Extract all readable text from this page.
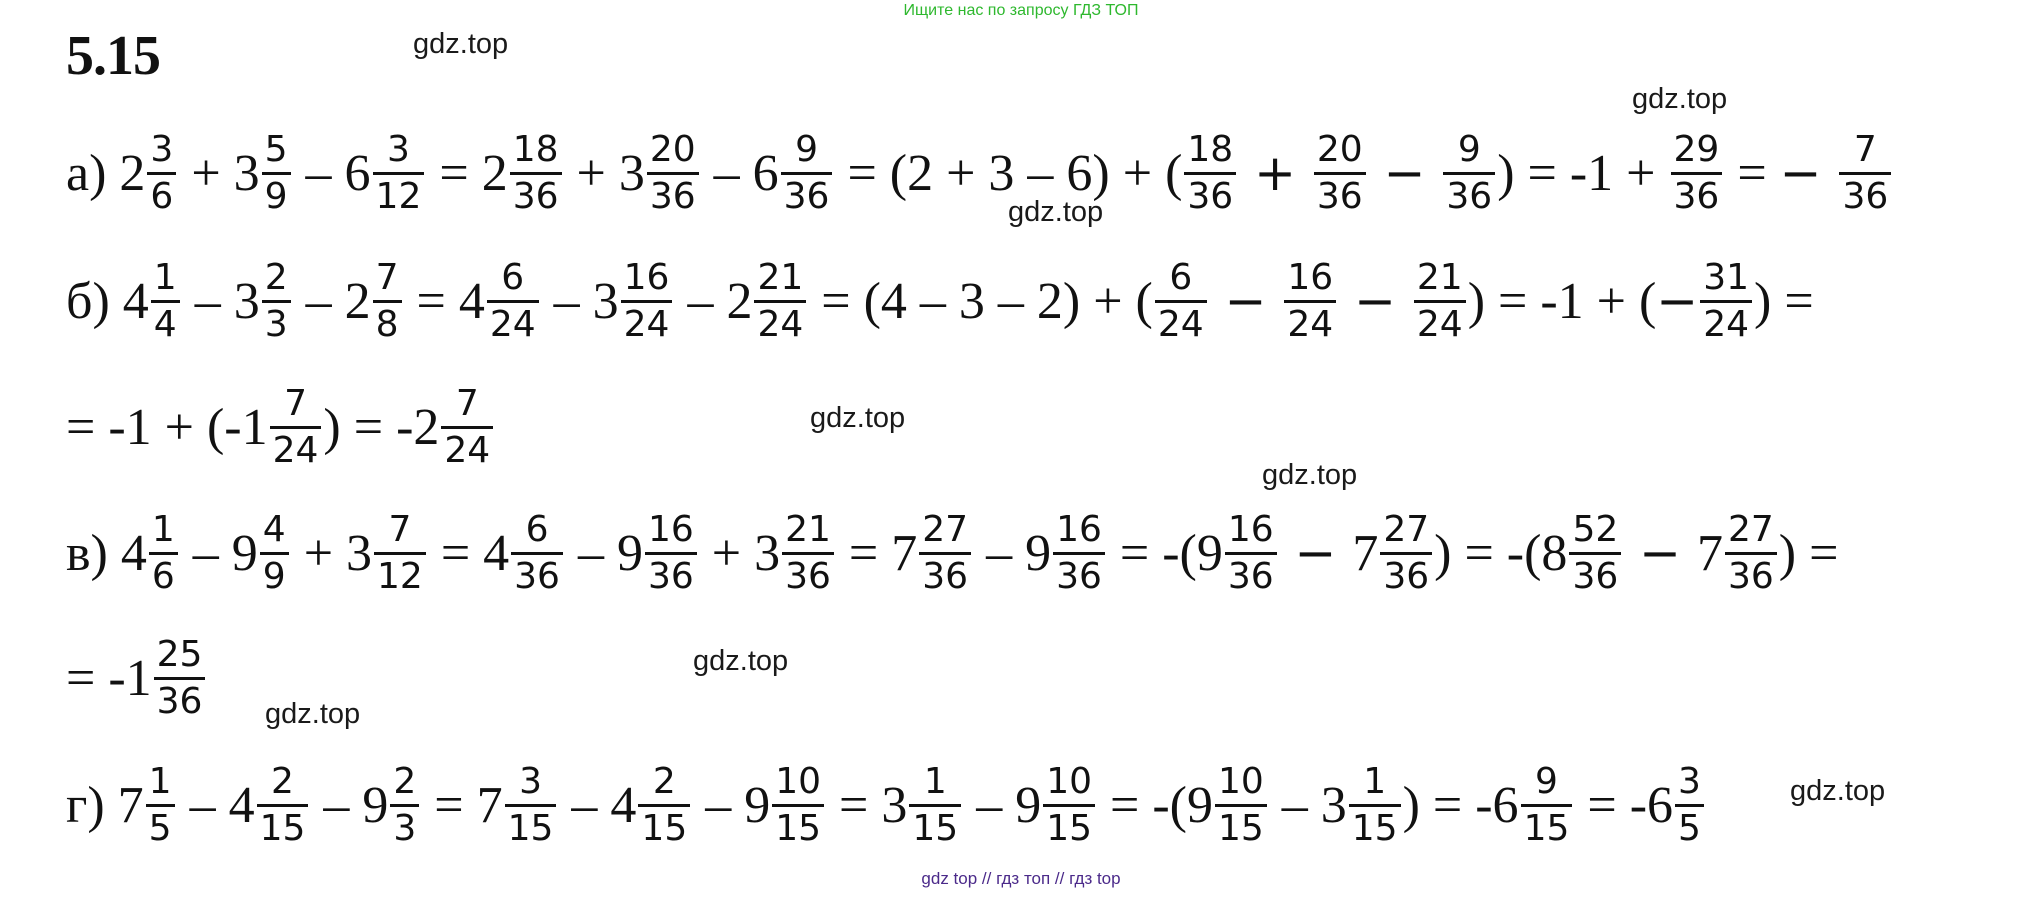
Ищите нас по запросу ГДЗ ТОП
5.15	gdz.top
gdz.top
gdz.top
gdz.top
gdz.top
gdz.top
gdz.top
gdz.top
а) $2 \frac{3}{6} + 3 \frac{5}{9} - 6 \frac{3}{12} = 2 \frac{18}{36} + 3 \frac{20}{36} - 6 \frac{9}{36} = (2 + 3 - 6)$ + ( $\frac{18}{36} + \frac{20}{36} - \frac{9}{36}$ ) = $-1 + \frac{29}{36}$ = − $\frac{7}{36}$
б) $4 \frac{1}{4} - 3 \frac{2}{3} - 2 \frac{7}{8} = 4 \frac{6}{24} - 3 \frac{16}{24} - 2 \frac{21}{24} = (4 - 3 - 2)$ + ( $\frac{6}{24} - \frac{16}{24} - \frac{21}{24}$ ) = -1 + ( − $\frac{31}{24}$ ) =
= $-1 + (-1 \frac{7}{24}$ ) = $-2 \frac{7}{24}$
в) $4 \frac{1}{6} - 9 \frac{4}{9} + 3 \frac{7}{12} = 4 \frac{6}{36} - 9 \frac{16}{36} + 3 \frac{21}{36} = 7 \frac{27}{36} - 9 \frac{16}{36} = -(9 \frac{16}{36} - 7 \frac{27}{36}$ ) = $-(8 \frac{52}{36} - 7 \frac{27}{36}$ ) =
= $-1 \frac{25}{36}$
г) $7 \frac{1}{5} - 4 \frac{2}{15} - 9 \frac{2}{3} = 7 \frac{3}{15} - 4 \frac{2}{15} - 9 \frac{10}{15} = 3 \frac{1}{15} - 9 \frac{10}{15} = -(9 \frac{10}{15} - 3 \frac{1}{15}$ ) = $-6 \frac{9}{15} = -6 \frac{3}{5}$
gdz top // гдз топ // гдз top
